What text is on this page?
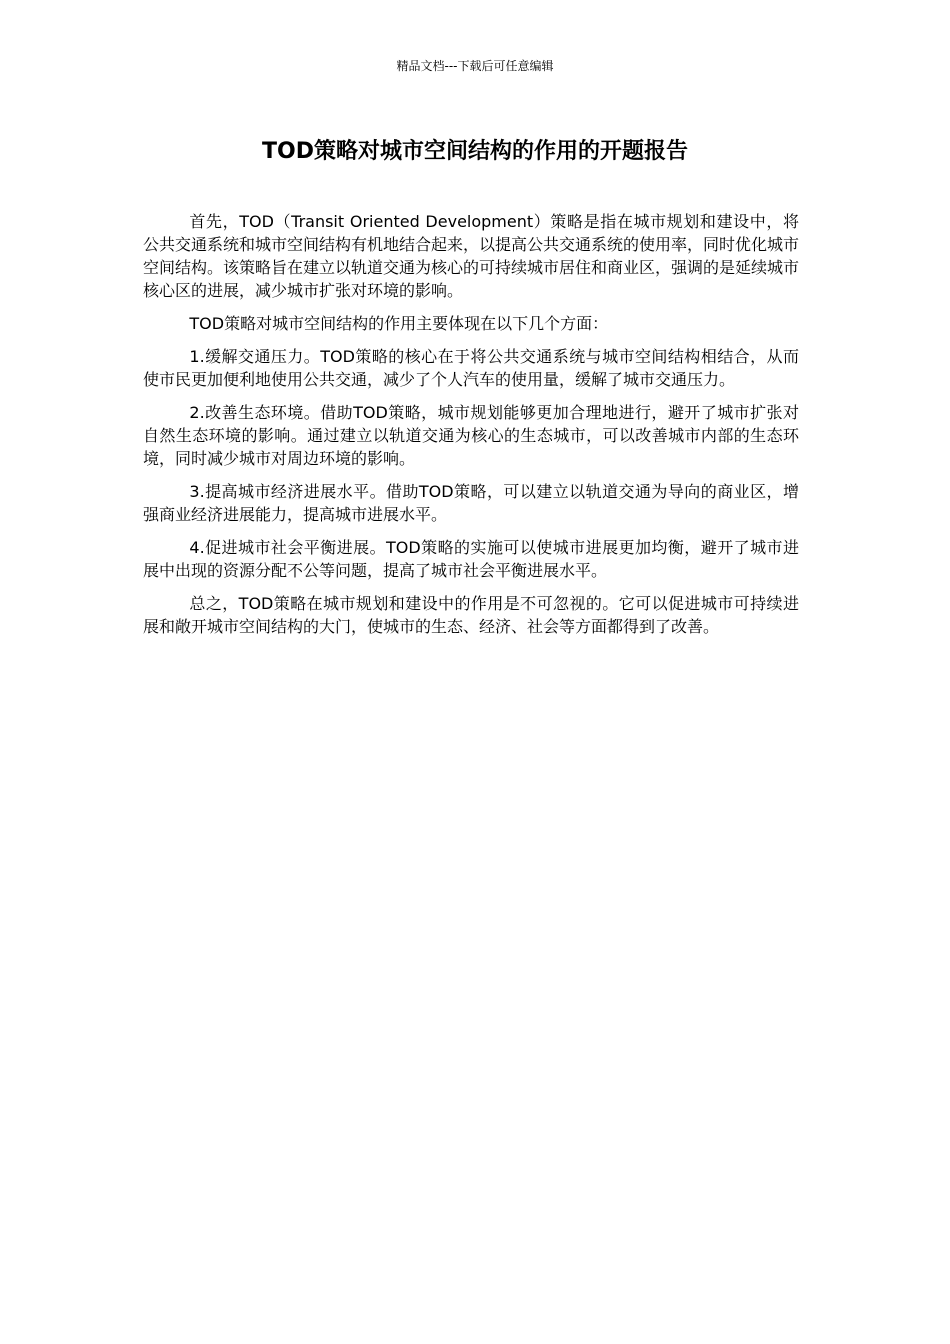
精品文档---下载后可任意编辑
TOD策略对城市空间结构的作用的开题报告

首先，TOD（Transit Oriented Development）策略是指在城市规划和建设中，将公共交通系统和城市空间结构有机地结合起来，以提高公共交通系统的使用率，同时优化城市空间结构。该策略旨在建立以轨道交通为核心的可持续城市居住和商业区，强调的是延续城市核心区的进展，减少城市扩张对环境的影响。

TOD策略对城市空间结构的作用主要体现在以下几个方面：

1.缓解交通压力。TOD策略的核心在于将公共交通系统与城市空间结构相结合，从而使市民更加便利地使用公共交通，减少了个人汽车的使用量，缓解了城市交通压力。

2.改善生态环境。借助TOD策略，城市规划能够更加合理地进行，避开了城市扩张对自然生态环境的影响。通过建立以轨道交通为核心的生态城市，可以改善城市内部的生态环境，同时减少城市对周边环境的影响。

3.提高城市经济进展水平。借助TOD策略，可以建立以轨道交通为导向的商业区，增强商业经济进展能力，提高城市进展水平。

4.促进城市社会平衡进展。TOD策略的实施可以使城市进展更加均衡，避开了城市进展中出现的资源分配不公等问题，提高了城市社会平衡进展水平。

总之，TOD策略在城市规划和建设中的作用是不可忽视的。它可以促进城市可持续进展和敞开城市空间结构的大门，使城市的生态、经济、社会等方面都得到了改善。
